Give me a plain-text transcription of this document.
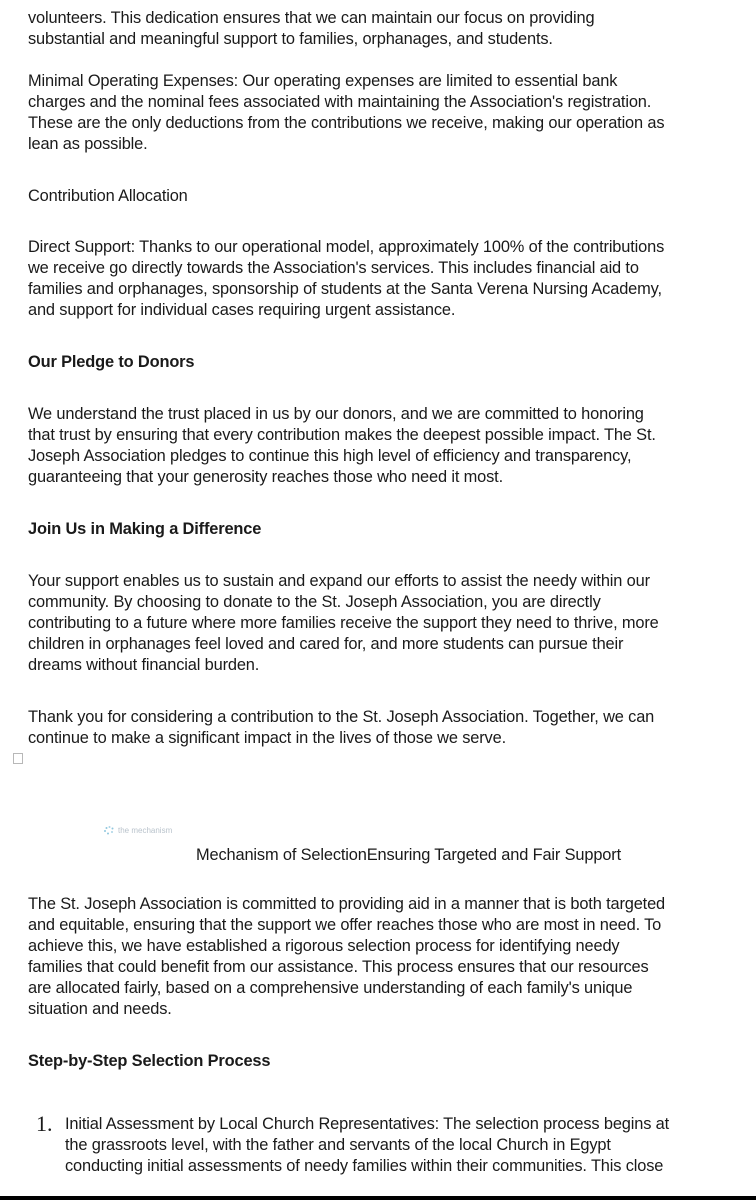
volunteers. This dedication ensures that we can maintain our focus on providing
substantial and meaningful support to families, orphanages, and students.

Minimal Operating Expenses: Our operating expenses are limited to essential bank
charges and the nominal fees associated with maintaining the Association's registration.
These are the only deductions from the contributions we receive, making our operation as
lean as possible.

Contribution Allocation

Direct Support: Thanks to our operational model, approximately 100% of the contributions
we receive go directly towards the Association's services. This includes financial aid to
families and orphanages, sponsorship of students at the Santa Verena Nursing Academy,
and support for individual cases requiring urgent assistance.

Our Pledge to Donors

We understand the trust placed in us by our donors, and we are committed to honoring
that trust by ensuring that every contribution makes the deepest possible impact. The St.
Joseph Association pledges to continue this high level of efficiency and transparency,
guaranteeing that your generosity reaches those who need it most.

Join Us in Making a Difference

Your support enables us to sustain and expand our efforts to assist the needy within our
community. By choosing to donate to the St. Joseph Association, you are directly
contributing to a future where more families receive the support they need to thrive, more
children in orphanages feel loved and cared for, and more students can pursue their
dreams without financial burden.

Thank you for considering a contribution to the St. Joseph Association. Together, we can
continue to make a significant impact in the lives of those we serve.

the mechanism
Mechanism of SelectionEnsuring Targeted and Fair Support

The St. Joseph Association is committed to providing aid in a manner that is both targeted
and equitable, ensuring that the support we offer reaches those who are most in need. To
achieve this, we have established a rigorous selection process for identifying needy
families that could benefit from our assistance. This process ensures that our resources
are allocated fairly, based on a comprehensive understanding of each family's unique
situation and needs.

Step-by-Step Selection Process

1. Initial Assessment by Local Church Representatives: The selection process begins at
the grassroots level, with the father and servants of the local Church in Egypt
conducting initial assessments of needy families within their communities. This close
